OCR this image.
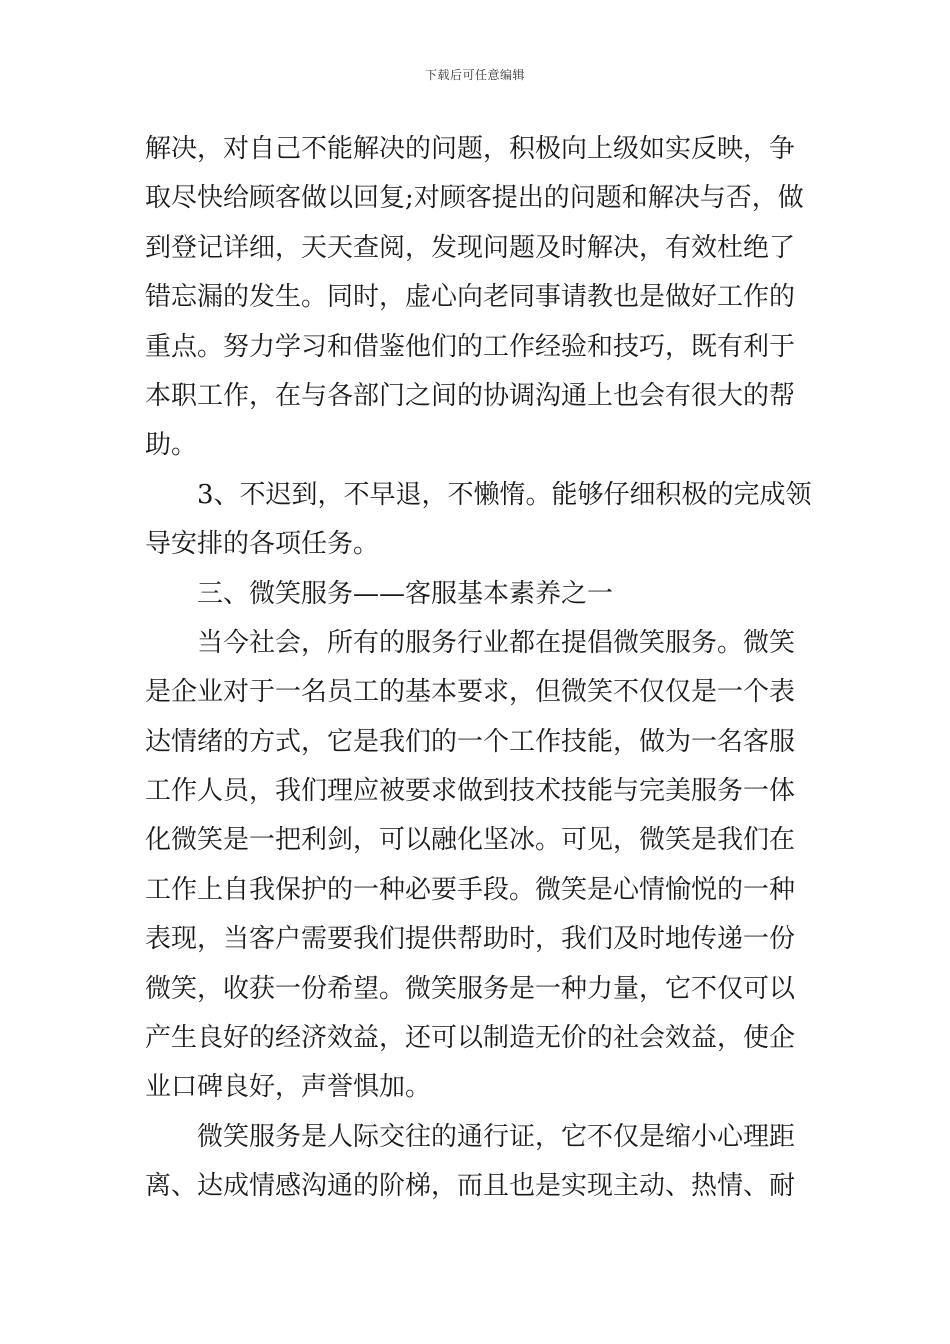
下载后可任意编辑
解决，对自己不能解决的问题，积极向上级如实反映，争
取尽快给顾客做以回复;对顾客提出的问题和解决与否，做
到登记详细，天天查阅，发现问题及时解决，有效杜绝了
错忘漏的发生。同时，虚心向老同事请教也是做好工作的
重点。努力学习和借鉴他们的工作经验和技巧，既有利于
本职工作，在与各部门之间的协调沟通上也会有很大的帮
助。
3、不迟到，不早退，不懒惰。能够仔细积极的完成领
导安排的各项任务。
三、微笑服务——客服基本素养之一
当今社会，所有的服务行业都在提倡微笑服务。微笑
是企业对于一名员工的基本要求，但微笑不仅仅是一个表
达情绪的方式，它是我们的一个工作技能，做为一名客服
工作人员，我们理应被要求做到技术技能与完美服务一体
化微笑是一把利剑，可以融化坚冰。可见，微笑是我们在
工作上自我保护的一种必要手段。微笑是心情愉悦的一种
表现，当客户需要我们提供帮助时，我们及时地传递一份
微笑，收获一份希望。微笑服务是一种力量，它不仅可以
产生良好的经济效益，还可以制造无价的社会效益，使企
业口碑良好，声誉惧加。
微笑服务是人际交往的通行证，它不仅是缩小心理距
离、达成情感沟通的阶梯，而且也是实现主动、热情、耐
